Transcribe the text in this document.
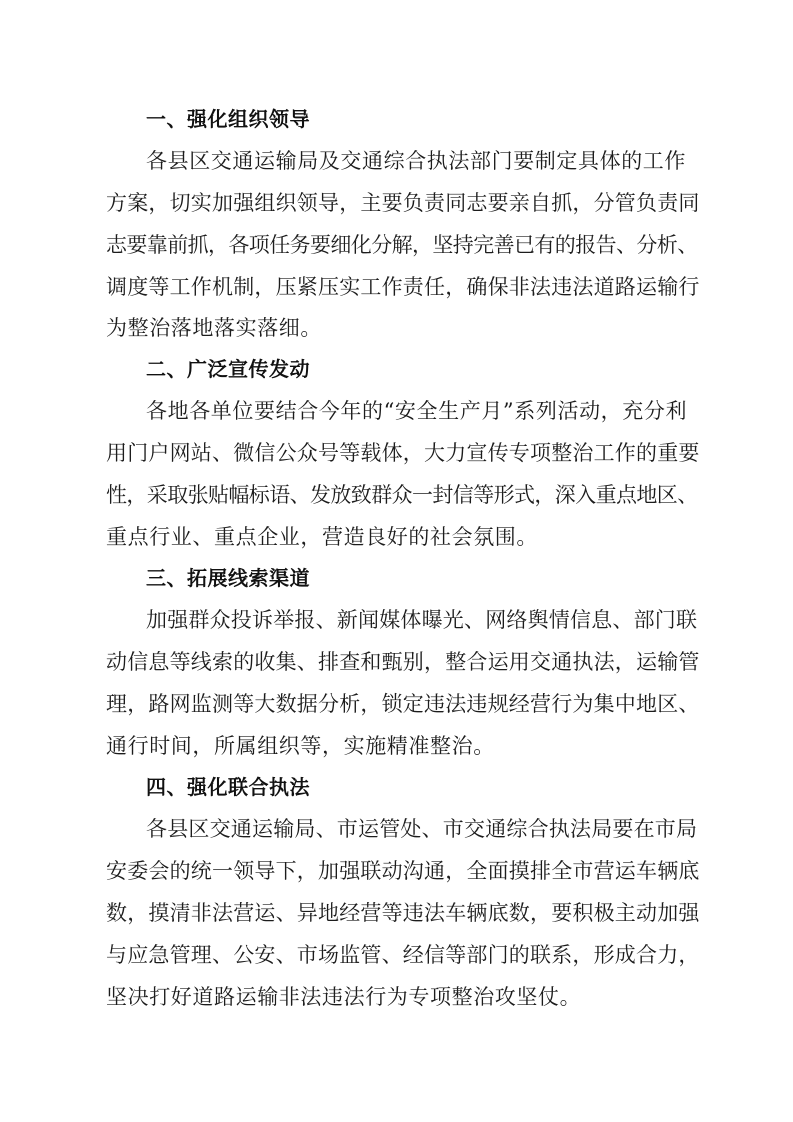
一、强化组织领导
各县区交通运输局及交通综合执法部门要制定具体的工作
方案，切实加强组织领导，主要负责同志要亲自抓，分管负责同
志要靠前抓，各项任务要细化分解，坚持完善已有的报告、分析、
调度等工作机制，压紧压实工作责任，确保非法违法道路运输行
为整治落地落实落细。
二、广泛宣传发动
各地各单位要结合今年的“安全生产月”系列活动，充分利
用门户网站、微信公众号等载体，大力宣传专项整治工作的重要
性，采取张贴幅标语、发放致群众一封信等形式，深入重点地区、
重点行业、重点企业，营造良好的社会氛围。
三、拓展线索渠道
加强群众投诉举报、新闻媒体曝光、网络舆情信息、部门联
动信息等线索的收集、排查和甄别，整合运用交通执法，运输管
理，路网监测等大数据分析，锁定违法违规经营行为集中地区、
通行时间，所属组织等，实施精准整治。
四、强化联合执法
各县区交通运输局、市运管处、市交通综合执法局要在市局
安委会的统一领导下，加强联动沟通，全面摸排全市营运车辆底
数，摸清非法营运、异地经营等违法车辆底数，要积极主动加强
与应急管理、公安、市场监管、经信等部门的联系，形成合力，
坚决打好道路运输非法违法行为专项整治攻坚仗。
